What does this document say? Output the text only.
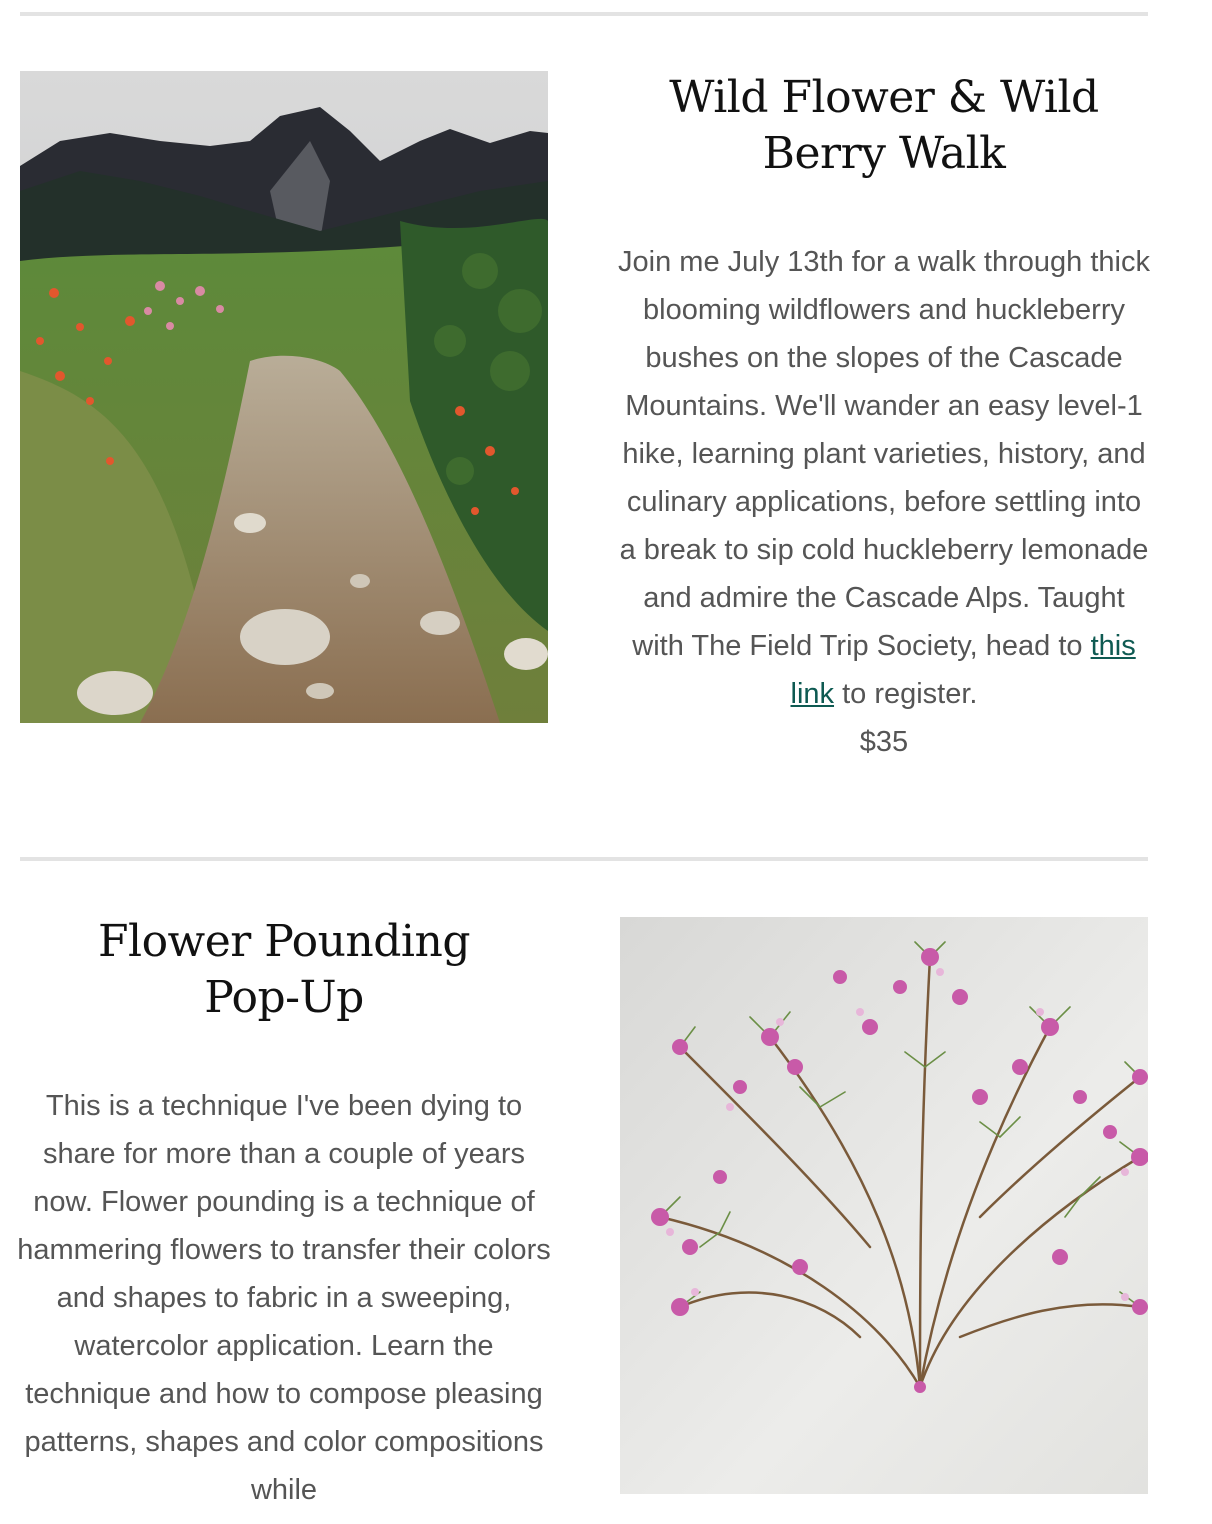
Wild Flower & Wild Berry Walk

Join me July 13th for a walk through thick blooming wildflowers and huckleberry bushes on the slopes of the Cascade Mountains. We'll wander an easy level-1 hike, learning plant varieties, history, and culinary applications, before settling into a break to sip cold huckleberry lemonade and admire the Cascade Alps. Taught with The Field Trip Society, head to this link to register.
$35

Flower Pounding Pop-Up

This is a technique I've been dying to share for more than a couple of years now. Flower pounding is a technique of hammering flowers to transfer their colors and shapes to fabric in a sweeping, watercolor application. Learn the technique and how to compose pleasing patterns, shapes and color compositions while
